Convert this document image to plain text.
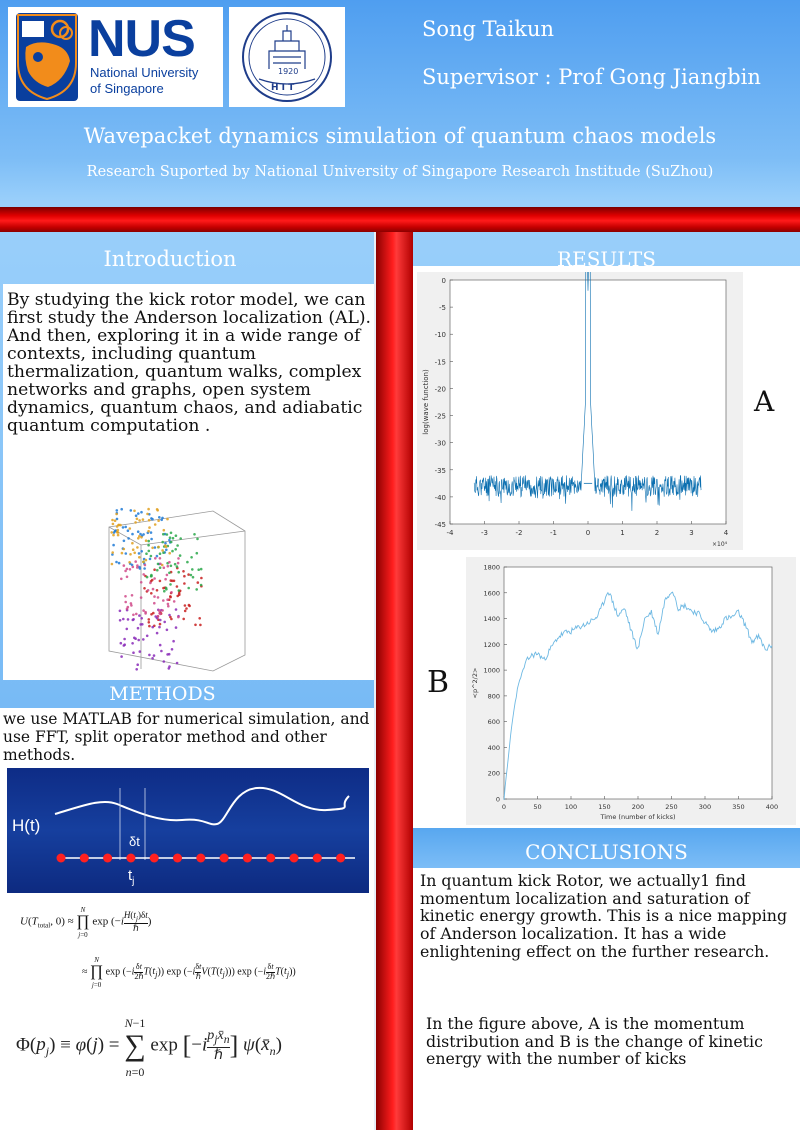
NUS
National University
of Singapore
1920
H I T
Song Taikun
Supervisor : Prof Gong Jiangbin
Wavepacket dynamics simulation of quantum chaos models
Research Suported by National University of Singapore Research Institude (SuZhou)
Introduction
By studying the kick rotor model, we can first study the Anderson localization (AL). And then, exploring it in a wide range of contexts, including quantum thermalization, quantum walks, complex networks and graphs, open system dynamics, quantum chaos, and adiabatic quantum computation .
METHODS
we use MATLAB for numerical simulation, and use FFT, split operator method and other methods.
H(t)
δt
$t_j$
$U(T_{total}$, 0) ≈ N
∏
j=0 $\exp (-iH(t_j)\delta t$

ℏ
)
≈ N
∏
j=0 exp (−iδt

2ℏ $T(t_j)$) exp (−iδt

ℏ $V(T(t_j))$) exp (−iδt

2ℏ $T(t_j)$)
$\Phi(p_j) \equiv \varphi(j) = N-1$
∑
n=0 $\exp [-ip_jx̄_n$

ℏ ] $\psi(x̄_n)$
RESULTS
0
-5
-10
-15
-20
-25
-30
-35
-40
-45
-4	-3	-2	-1	0	1	2	3	4
×10⁴
log(wave function)	A
0
200
400
600
800
1000
1200
1400
1600
1800
0	50	100	150	200	250	300	350	400
Time (number of kicks)
<p^2/2>
B
CONCLUSIONS
In quantum kick Rotor, we actually1 find momentum localization and saturation of kinetic energy growth. This is a nice mapping of Anderson localization. It has a wide enlightening effect on the further research.
In the figure above, A is the momentum distribution and B is the change of kinetic energy with the number of kicks
